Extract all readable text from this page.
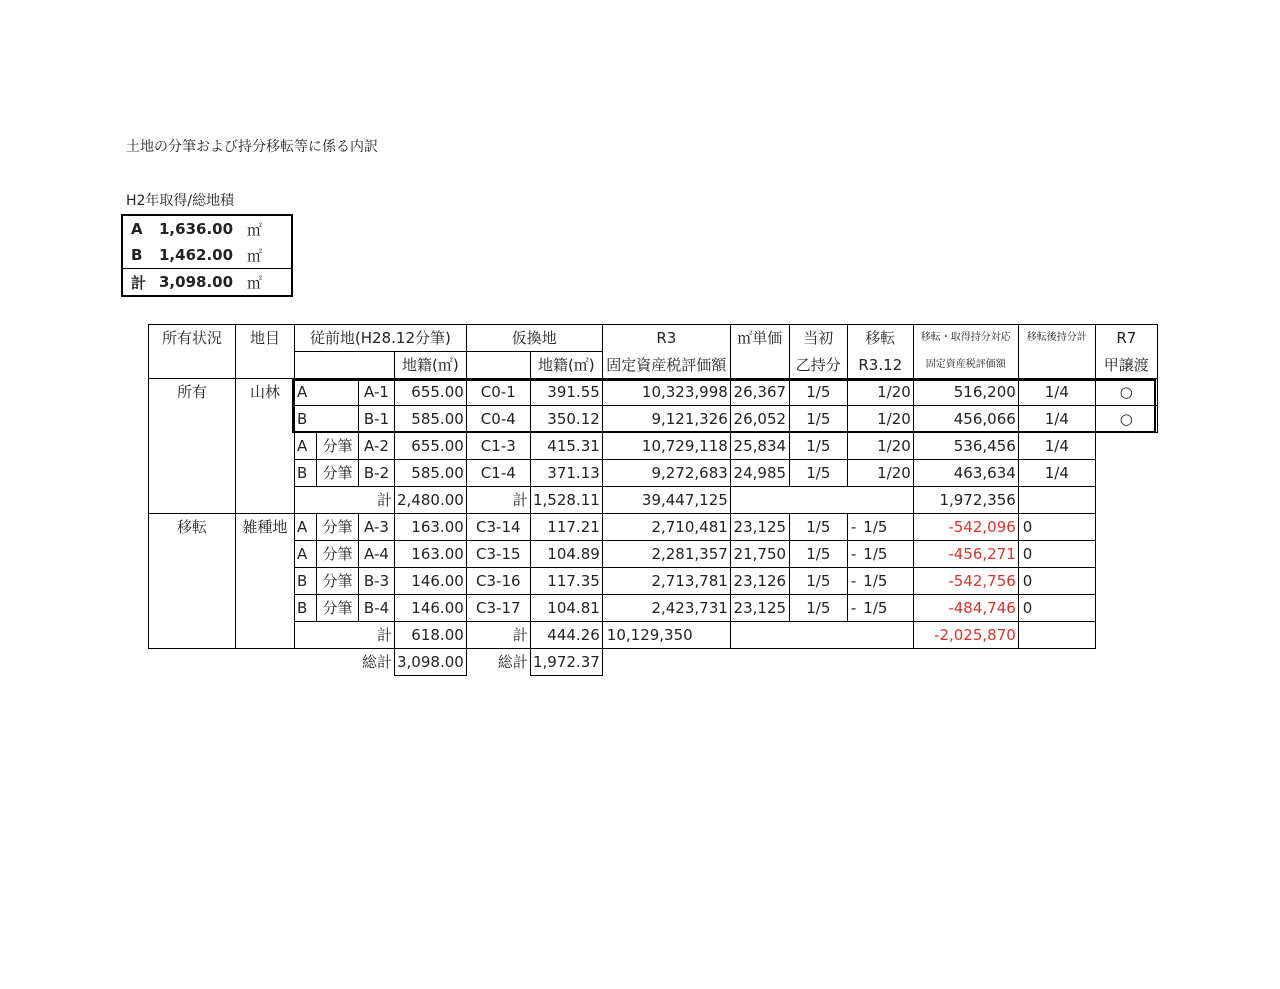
土地の分筆および持分移転等に係る内訳
H2年取得/総地積
A	1,636.00	㎡
B	1,462.00	㎡
計	3,098.00	㎡
所有状況	地目	従前地(H28.12分筆)				仮換地		R3	㎡単価	当初	移転		移転・取得持分対応	移転後持分計	R7
					地籍(㎡)		地籍(㎡)	固定資産税評価額		乙持分	R3.12		固定資産税評価額		甲譲渡
所有	山林	A		A-1	655.00	C0-1	391.55	10,323,998	26,367	1/5		1/20	516,200	1/4	○
		B		B-1	585.00	C0-4	350.12	9,121,326	26,052	1/5		1/20	456,066	1/4	○
		A	分筆	A-2	655.00	C1-3	415.31	10,729,118	25,834	1/5		1/20	536,456	1/4	
		B	分筆	B-2	585.00	C1-4	371.13	9,272,683	24,985	1/5		1/20	463,634	1/4	
		計			2,480.00	計	1,528.11	39,447,125					1,972,356		
移転	雑種地	A	分筆	A-3	163.00	C3-14	117.21	2,710,481	23,125	1/5	-	1/5	-542,096	0	
		A	分筆	A-4	163.00	C3-15	104.89	2,281,357	21,750	1/5	-	1/5	-456,271	0	
		B	分筆	B-3	146.00	C3-16	117.35	2,713,781	23,126	1/5	-	1/5	-542,756	0	
		B	分筆	B-4	146.00	C3-17	104.81	2,423,731	23,125	1/5	-	1/5	-484,746	0	
		計			618.00	計	444.26	10,129,350					-2,025,870		
		総計			3,098.00	総計	1,972.37								
